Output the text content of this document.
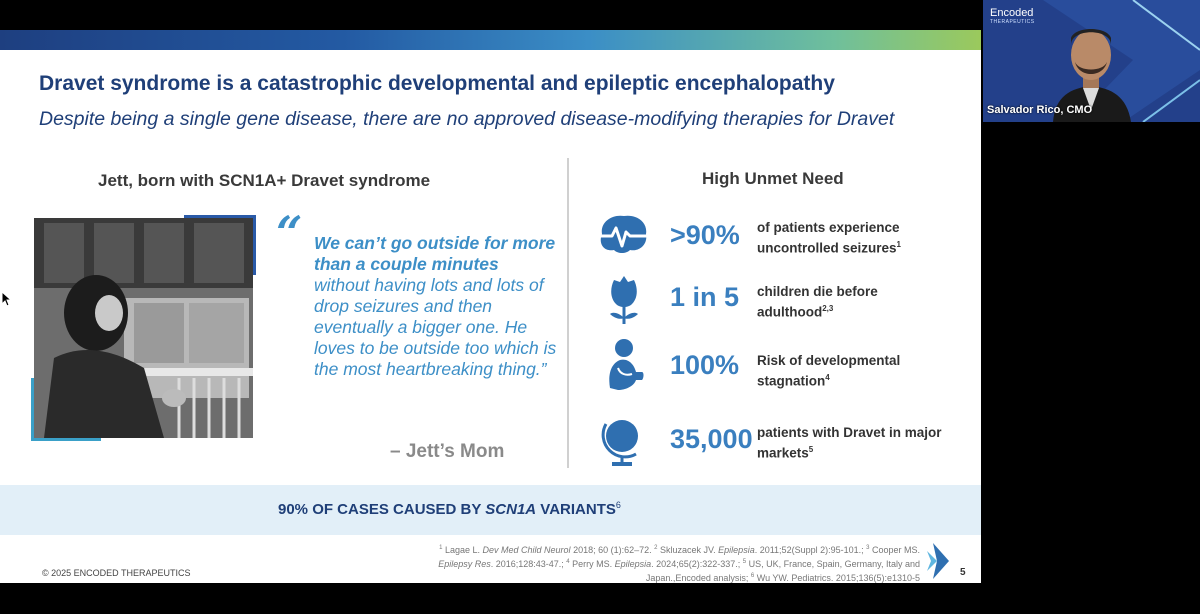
Dravet syndrome is a catastrophic developmental and epileptic encephalopathy
Despite being a single gene disease, there are no approved disease-modifying therapies for Dravet
Jett, born with SCN1A+ Dravet syndrome
“ We can’t go outside for more than a couple minutes without having lots and lots of drop seizures and then eventually a bigger one. He loves to be outside too which is the most heartbreaking thing.”
– Jett’s Mom
High Unmet Need
>90% of patients experience uncontrolled seizures$^1$
1 in 5 children die before adulthood$^{2,3}$
100% Risk of developmental stagnation$^4$
35,000 patients with Dravet in major markets$^5$
90% OF CASES CAUSED BY SCN1A VARIANTS$^6$
© 2025 ENCODED THERAPEUTICS
$^1$ Lagae L. Dev Med Child Neurol 2018; 60 (1):62–72. $^2$ Skluzacek JV. Epilepsia. 2011;52(Suppl 2):95-101.; $^3$ Cooper MS. Epilepsy Res. 2016;128:43-47.; $^4$ Perry MS. Epilepsia. 2024;65(2):322-337.; $^5$ US, UK, France, Spain, Germany, Italy and Japan.,Encoded analysis; $^6$ Wu YW. Pediatrics. 2015;136(5):e1310-5	5
Encoded
THERAPEUTICS
Salvador Rico, CMO
